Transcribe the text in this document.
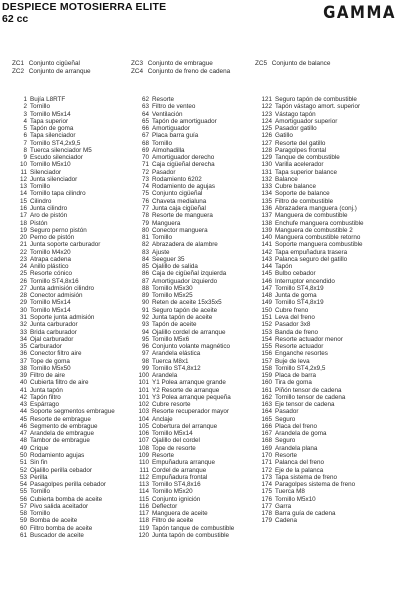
DESPIECE MOTOSIERRA ELITE
62 cc	GAMMA
ZC1 Conjunto cigüeñal
ZC2 Conjunto de arranque
ZC3 Conjunto de embrague
ZC4 Conjunto de freno de cadena
ZC5 Conjunto de balance
1 Bujía L8RTF
2 Tornillo
3 Tornillo M5x14
4 Tapa superior
5 Tapón de goma
6 Tapa silenciador
7 Tornillo ST4,2x9,5
8 Tuerca silenciador M5
9 Escudo silenciador
10 Tornillo M5x10
11 Silenciador
12 Junta silenciador
13 Tornillo
14 Tornillo tapa cilindro
15 Cilindro
16 Junta cilindro
17 Aro de pistón
18 Pistón
19 Seguro perno pistón
20 Perno de pistón
21 Junta soporte carburador
22 Tornillo M4x20
23 Atrapa cadena
24 Anillo plástico
25 Resorte cónico
26 Tornillo ST4,8x16
27 Junta admisión cilindro
28 Conector admisión
29 Tornillo M5x14
30 Tornillo M5x14
31 Soporte junta admisión
32 Junta carburador
33 Brida carburador
34 Ojal carburador
35 Carburador
36 Conector filtro aire
37 Tope de goma
38 Tornillo M5x50
39 Filtro de aire
40 Cubierta filtro de aire
41 Junta tapón
42 Tapón filtro
43 Espárrago
44 Soporte segmentos embrague
45 Resorte de embrague
46 Segmento de embrague
47 Arandela de embrague
48 Tambor de embrague
49 Crique
50 Rodamiento agujas
51 Sin fin
52 Ojalillo perilla cebador
53 Perilla
54 Pasagolpes perilla cebador
55 Tornillo
56 Cubierta bomba de aceite
57 Pivo salida aceitador
58 Tornillo
59 Bomba de aceite
60 Filtro bomba de aceite
61 Buscador de aceite
62 Resorte
63 Filtro de venteo
64 Ventilación
65 Tapón de amortiguador
66 Amortiguador
67 Placa barra guía
68 Tornillo
69 Almohadilla
70 Amortiguador derecho
71 Caja cigüeñal derecha
72 Pasador
73 Rodamiento 6202
74 Rodamiento de agujas
75 Conjunto cigüeñal
76 Chaveta medialuna
77 Junta caja cigüeñal
78 Resorte de manguera
79 Manguera
80 Conector manguera
81 Tornillo
82 Abrazadera de alambre
83 Ajuste
84 Seeguer 35
85 Ojalillo de salida
86 Caja de cigüeñal izquierda
87 Amortiguador izquierdo
88 Tornillo M5x30
89 Tornillo M5x25
90 Reten de aceite 15x35x5
91 Seguro tapón de aceite
92 Junta tapón de aceite
93 Tapón de aceite
94 Ojalillo cordel de arranque
95 Tornillo M5x6
96 Conjunto volante magnético
97 Arandela elástica
98 Tuerca M8x1
99 Tornillo ST4,8x12
100 Arandela
101 Y1 Polea arranque grande
101 Y2 Resorte de arranque
101 Y3 Polea arranque pequeña
102 Cubre resorte
103 Resorte recuperador mayor
104 Anclaje
105 Cobertura del arranque
106 Tornillo M5x14
107 Ojalillo del cordel
108 Tope de resorte
109 Resorte
110 Empuñadura arranque
111 Cordel de arranque
112 Empuñadura frontal
113 Tornillo ST4,8x16
114 Tornillo M5x20
115 Conjunto ignición
116 Deflector
117 Manguera de aceite
118 Filtro de aceite
119 Tapón tanque de combustible
120 Junta tapón de combustible
121 Seguro tapón de combustible
122 Tapón vástago amort. superior
123 Vástago tapón
124 Amortiguador superior
125 Pasador gatillo
126 Gatillo
127 Resorte del gatillo
128 Paragolpes frontal
129 Tanque de combustible
130 Varilla acelerador
131 Tapa superior balance
132 Balance
133 Cubre balance
134 Soporte de balance
135 Filtro de combustible
136 Abrazadera manguera (conj.)
137 Manguera de combustible
138 Enchufe manguera combustible
139 Manguera de combustible 2
140 Manguera combustible retorno
141 Soporte manguera combustible
142 Tapa empuñadura trasera
143 Palanca seguro del gatillo
144 Tapón
145 Bulbo cebador
146 Interruptor encendido
147 Tornillo ST4,8x19
148 Junta de goma
149 Tornillo ST4,8x19
150 Cubre freno
151 Leva del freno
152 Pasador 3x8
153 Banda de freno
154 Resorte actuador menor
155 Resorte actuador
156 Enganche resortes
157 Buje de leva
158 Tornillo ST4,2x9,5
159 Placa de barra
160 Tira de goma
161 Piñón tensor de cadena
162 Tornillo tensor de cadena
163 Eje tensor de cadena
164 Pasador
165 Seguro
166 Placa del freno
167 Arandela de goma
168 Seguro
169 Arandela plana
170 Resorte
171 Palanca del freno
172 Eje de la palanca
173 Tapa sistema de freno
174 Paragolpes sistema de freno
175 Tuerca M8
176 Tornillo M5x10
177 Garra
178 Barra guía de cadena
179 Cadena
